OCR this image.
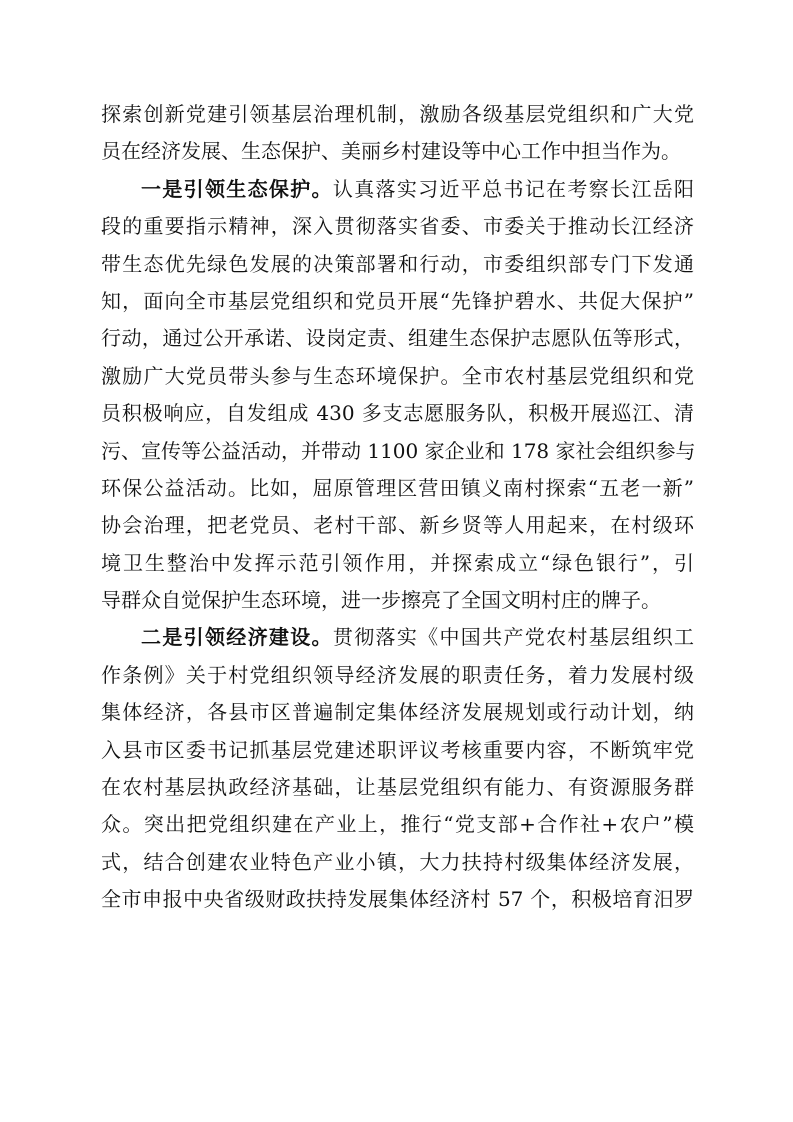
探索创新党建引领基层治理机制，激励各级基层党组织和广大党
员在经济发展、生态保护、美丽乡村建设等中心工作中担当作为。
一是引领生态保护。认真落实习近平总书记在考察长江岳阳
段的重要指示精神，深入贯彻落实省委、市委关于推动长江经济
带生态优先绿色发展的决策部署和行动，市委组织部专门下发通
知，面向全市基层党组织和党员开展“先锋护碧水、共促大保护”
行动，通过公开承诺、设岗定责、组建生态保护志愿队伍等形式，
激励广大党员带头参与生态环境保护。全市农村基层党组织和党
员积极响应，自发组成 430 多支志愿服务队，积极开展巡江、清
污、宣传等公益活动，并带动 1100 家企业和 178 家社会组织参与
环保公益活动。比如，屈原管理区营田镇义南村探索“五老一新”
协会治理，把老党员、老村干部、新乡贤等人用起来，在村级环
境卫生整治中发挥示范引领作用，并探索成立“绿色银行”，引
导群众自觉保护生态环境，进一步擦亮了全国文明村庄的牌子。
二是引领经济建设。贯彻落实《中国共产党农村基层组织工
作条例》关于村党组织领导经济发展的职责任务，着力发展村级
集体经济，各县市区普遍制定集体经济发展规划或行动计划，纳
入县市区委书记抓基层党建述职评议考核重要内容，不断筑牢党
在农村基层执政经济基础，让基层党组织有能力、有资源服务群
众。突出把党组织建在产业上，推行“党支部+合作社+农户”模
式，结合创建农业特色产业小镇，大力扶持村级集体经济发展，
全市申报中央省级财政扶持发展集体经济村 57 个，积极培育汨罗
